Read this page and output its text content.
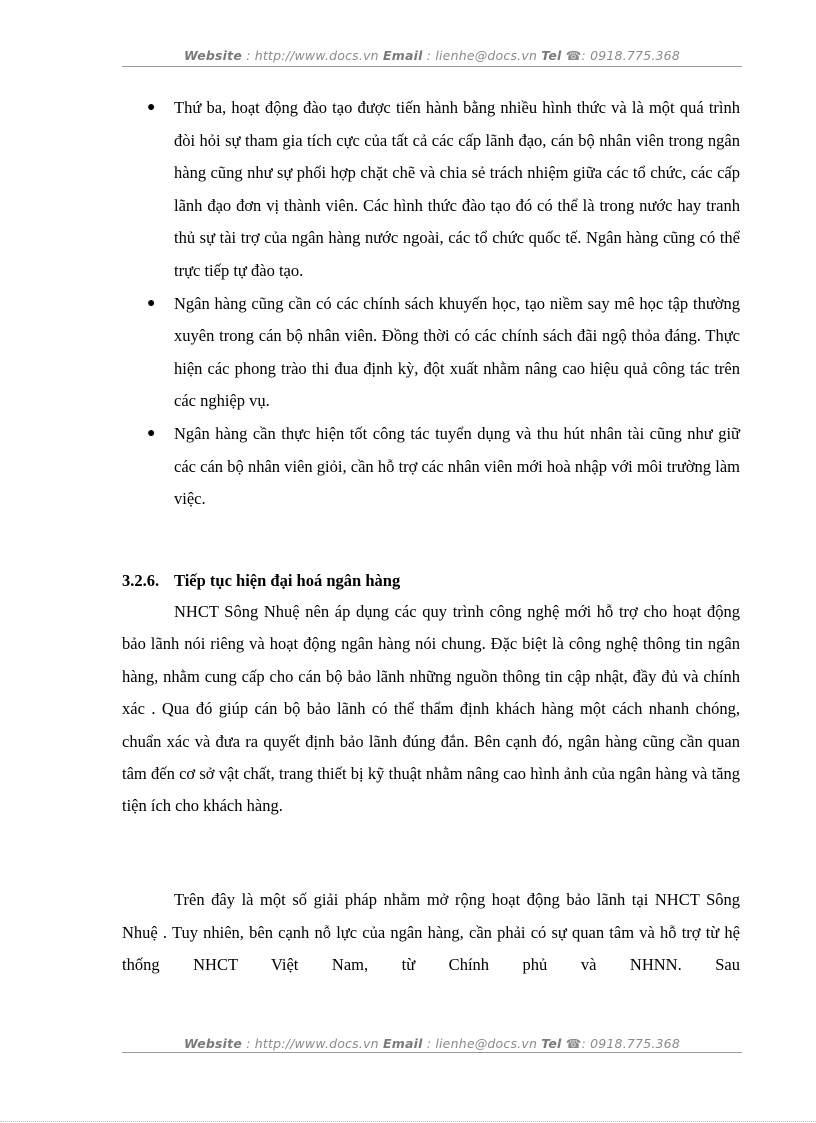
Website : http://www.docs.vn Email : lienhe@docs.vn Tel ☎: 0918.775.368
● Thứ ba, hoạt động đào tạo được tiến hành bằng nhiều hình thức và là một quá trình đòi hỏi sự tham gia tích cực của tất cả các cấp lãnh đạo, cán bộ nhân viên trong ngân hàng cũng như sự phối hợp chặt chẽ và chia sẻ trách nhiệm giữa các tổ chức, các cấp lãnh đạo đơn vị thành viên. Các hình thức đào tạo đó có thể là trong nước hay tranh thủ sự tài trợ của ngân hàng nước ngoài, các tổ chức quốc tế. Ngân hàng cũng có thể trực tiếp tự đào tạo.
● Ngân hàng cũng cần có các chính sách khuyến học, tạo niềm say mê học tập thường xuyên trong cán bộ nhân viên. Đồng thời có các chính sách đãi ngộ thỏa đáng. Thực hiện các phong trào thi đua định kỳ, đột xuất nhằm nâng cao hiệu quả công tác trên các nghiệp vụ.
● Ngân hàng cần thực hiện tốt công tác tuyển dụng và thu hút nhân tài cũng như giữ các cán bộ nhân viên giỏi, cần hỗ trợ các nhân viên mới hoà nhập với môi trường làm việc.
3.2.6. Tiếp tục hiện đại hoá ngân hàng
NHCT Sông Nhuệ nên áp dụng các quy trình công nghệ mới hỗ trợ cho hoạt động bảo lãnh nói riêng và hoạt động ngân hàng nói chung. Đặc biệt là công nghệ thông tin ngân hàng, nhằm cung cấp cho cán bộ bảo lãnh những nguồn thông tin cập nhật, đầy đủ và chính xác . Qua đó giúp cán bộ bảo lãnh có thể thẩm định khách hàng một cách nhanh chóng, chuẩn xác và đưa ra quyết định bảo lãnh đúng đắn. Bên cạnh đó, ngân hàng cũng cần quan tâm đến cơ sở vật chất, trang thiết bị kỹ thuật nhằm nâng cao hình ảnh của ngân hàng và tăng tiện ích cho khách hàng.
Trên đây là một số giải pháp nhằm mở rộng hoạt động bảo lãnh tại NHCT Sông Nhuệ . Tuy nhiên, bên cạnh nỗ lực của ngân hàng, cần phải có sự quan tâm và hỗ trợ từ hệ thống NHCT Việt Nam, từ Chính phủ và NHNN. Sau
Website : http://www.docs.vn Email : lienhe@docs.vn Tel ☎: 0918.775.368
